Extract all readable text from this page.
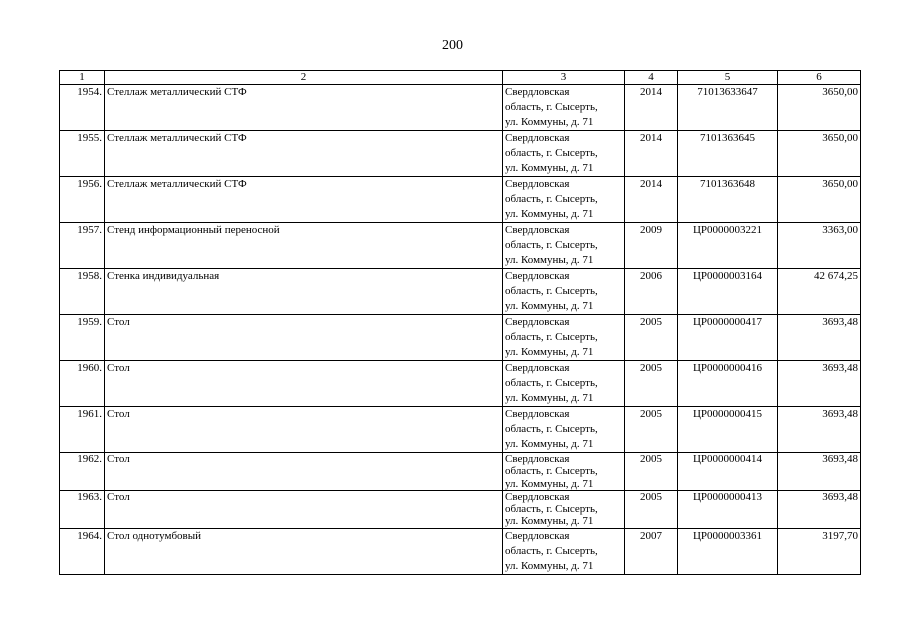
200
1	2	3	4	5	6
1954.	Стеллаж металлический СТФ	Свердловская
область, г. Сысерть,
ул. Коммуны, д. 71	2014	71013633647	3650,00
1955.	Стеллаж металлический СТФ	Свердловская
область, г. Сысерть,
ул. Коммуны, д. 71	2014	7101363645	3650,00
1956.	Стеллаж металлический СТФ	Свердловская
область, г. Сысерть,
ул. Коммуны, д. 71	2014	7101363648	3650,00
1957.	Стенд информационный переносной	Свердловская
область, г. Сысерть,
ул. Коммуны, д. 71	2009	ЦР0000003221	3363,00
1958.	Стенка индивидуальная	Свердловская
область, г. Сысерть,
ул. Коммуны, д. 71	2006	ЦР0000003164	42 674,25
1959.	Стол	Свердловская
область, г. Сысерть,
ул. Коммуны, д. 71	2005	ЦР0000000417	3693,48
1960.	Стол	Свердловская
область, г. Сысерть,
ул. Коммуны, д. 71	2005	ЦР0000000416	3693,48
1961.	Стол	Свердловская
область, г. Сысерть,
ул. Коммуны, д. 71	2005	ЦР0000000415	3693,48
1962.	Стол	Свердловская
область, г. Сысерть,
ул. Коммуны, д. 71	2005	ЦР0000000414	3693,48
1963.	Стол	Свердловская
область, г. Сысерть,
ул. Коммуны, д. 71	2005	ЦР0000000413	3693,48
1964.	Стол однотумбовый	Свердловская
область, г. Сысерть,
ул. Коммуны, д. 71	2007	ЦР0000003361	3197,70
